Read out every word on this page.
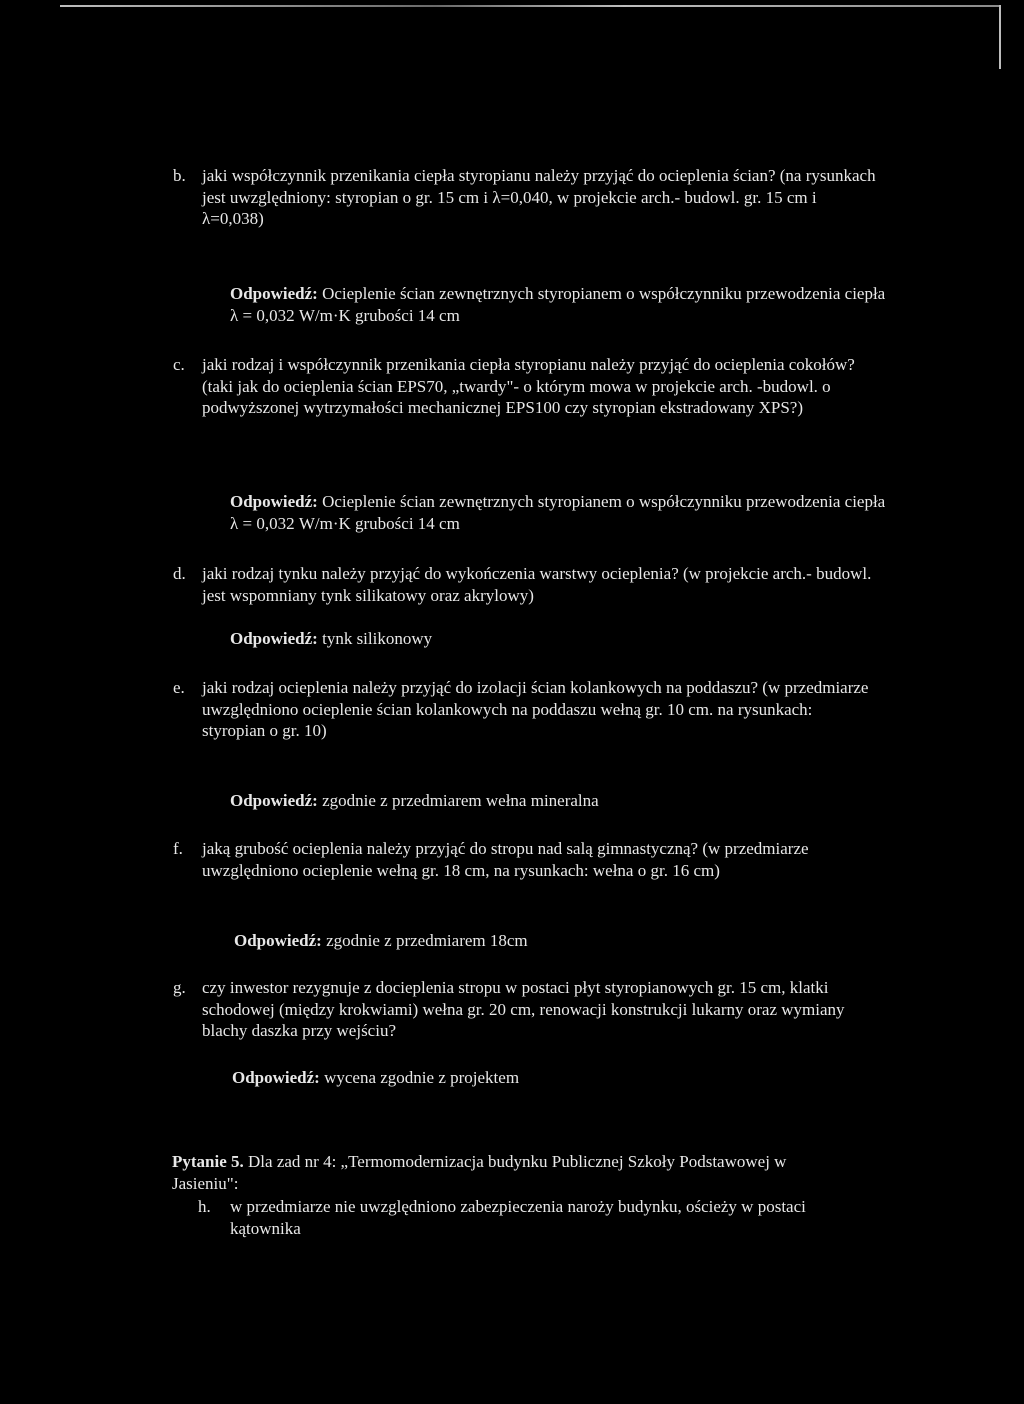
b. jaki współczynnik przenikania ciepła styropianu należy przyjąć do ocieplenia ścian? (na rysunkach jest uwzględniony: styropian o gr. 15 cm i λ=0,040, w projekcie arch.- budowl. gr. 15 cm i λ=0,038)
Odpowiedź: Ocieplenie ścian zewnętrznych styropianem o współczynniku przewodzenia ciepła λ = 0,032 W/m·K grubości 14 cm
c. jaki rodzaj i współczynnik przenikania ciepła styropianu należy przyjąć do ocieplenia cokołów? (taki jak do ocieplenia ścian EPS70, „twardy"- o którym mowa w projekcie arch. -budowl. o podwyższonej wytrzymałości mechanicznej EPS100 czy styropian ekstradowany XPS?)
Odpowiedź: Ocieplenie ścian zewnętrznych styropianem o współczynniku przewodzenia ciepła λ = 0,032 W/m·K grubości 14 cm
d. jaki rodzaj tynku należy przyjąć do wykończenia warstwy ocieplenia? (w projekcie arch.- budowl. jest wspomniany tynk silikatowy oraz akrylowy)
Odpowiedź: tynk silikonowy
e. jaki rodzaj ocieplenia należy przyjąć do izolacji ścian kolankowych na poddaszu? (w przedmiarze uwzględniono ocieplenie ścian kolankowych na poddaszu wełną gr. 10 cm. na rysunkach: styropian o gr. 10)
Odpowiedź: zgodnie z przedmiarem wełna mineralna
f. jaką grubość ocieplenia należy przyjąć do stropu nad salą gimnastyczną? (w przedmiarze uwzględniono ocieplenie wełną gr. 18 cm, na rysunkach: wełna o gr. 16 cm)
Odpowiedź: zgodnie z przedmiarem 18cm
g. czy inwestor rezygnuje z docieplenia stropu w postaci płyt styropianowych gr. 15 cm, klatki schodowej (między krokwiami) wełna gr. 20 cm, renowacji konstrukcji lukarny oraz wymiany blachy daszka przy wejściu?
Odpowiedź: wycena zgodnie z projektem
Pytanie 5. Dla zad nr 4: „Termomodernizacja budynku Publicznej Szkoły Podstawowej w Jasieniu":
h. w przedmiarze nie uwzględniono zabezpieczenia naroży budynku, ościeży w postaci kątownika
